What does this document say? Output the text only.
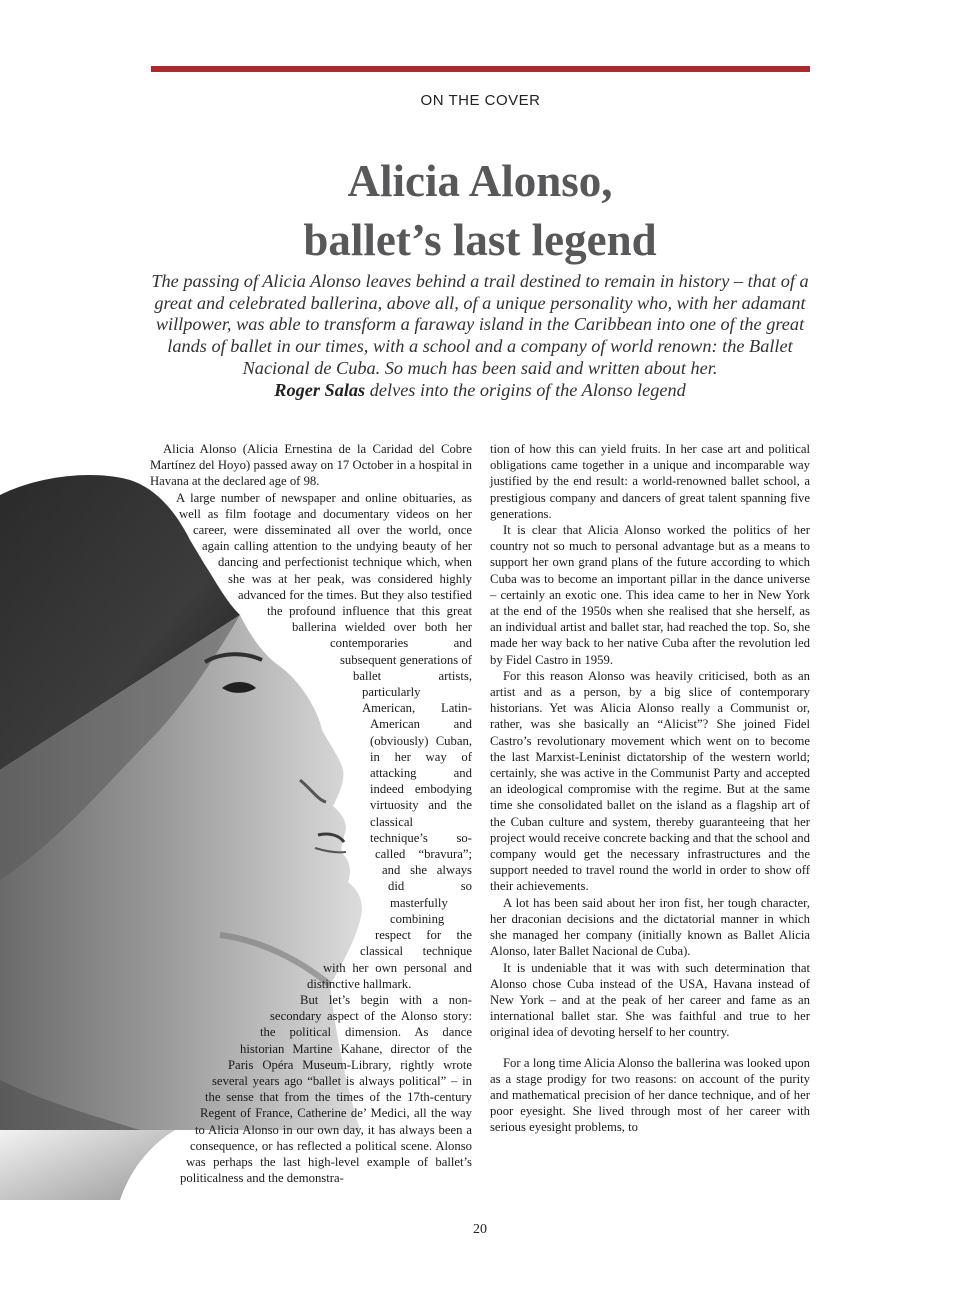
ON THE COVER
Alicia Alonso,
ballet’s last legend

The passing of Alicia Alonso leaves behind a trail destined to remain in history – that of a great and celebrated ballerina, above all, of a unique personality who, with her adamant willpower, was able to transform a faraway island in the Caribbean into one of the great lands of ballet in our times, with a school and a company of world renown: the Ballet Nacional de Cuba. So much has been said and written about her.
Roger Salas delves into the origins of the Alonso legend

Alicia Alonso (Alicia Ernestina de la Caridad del Cobre Martínez del Hoyo) passed away on 17 October in a hospital in Havana at the declared age of 98.

A large number of newspaper and online obituaries, as well as film footage and documentary videos on her career, were disseminated all over the world, once again calling attention to the undying beauty of her dancing and perfectionist technique which, when she was at her peak, was considered highly advanced for the times. But they also testified the profound influence that this great ballerina wielded over both her contemporaries and subsequent generations of ballet artists, particularly American, Latin-American and (obviously) Cuban, in her way of attacking and indeed embodying virtuosity and the classical technique’s so-called “bravura”; and she always did so masterfully combining respect for the classical technique with her own personal and distinctive hallmark.

But let’s begin with a non-secondary aspect of the Alonso story: the political dimension. As dance historian Martine Kahane, director of the Paris Opéra Museum-Library, rightly wrote several years ago “ballet is always political” – in the sense that from the times of the 17th-century Regent of France, Catherine de’ Medici, all the way to Alicia Alonso in our own day, it has always been a consequence, or has reflected a political scene. Alonso was perhaps the last high-level example of ballet’s politicalness and the demonstra-

tion of how this can yield fruits. In her case art and political obligations came together in a unique and incomparable way justified by the end result: a world-renowned ballet school, a prestigious company and dancers of great talent spanning five generations.

It is clear that Alicia Alonso worked the politics of her country not so much to personal advantage but as a means to support her own grand plans of the future according to which Cuba was to become an important pillar in the dance universe – certainly an exotic one. This idea came to her in New York at the end of the 1950s when she realised that she herself, as an individual artist and ballet star, had reached the top. So, she made her way back to her native Cuba after the revolution led by Fidel Castro in 1959.

For this reason Alonso was heavily criticised, both as an artist and as a person, by a big slice of contemporary historians. Yet was Alicia Alonso really a Communist or, rather, was she basically an “Alicist”? She joined Fidel Castro’s revolutionary movement which went on to become the last Marxist-Leninist dictatorship of the western world; certainly, she was active in the Communist Party and accepted an ideological compromise with the regime. But at the same time she consolidated ballet on the island as a flagship art of the Cuban culture and system, thereby guaranteeing that her project would receive concrete backing and that the school and company would get the necessary infrastructures and the support needed to travel round the world in order to show off their achievements.

A lot has been said about her iron fist, her tough character, her draconian decisions and the dictatorial manner in which she managed her company (initially known as Ballet Alicia Alonso, later Ballet Nacional de Cuba).

It is undeniable that it was with such determination that Alonso chose Cuba instead of the USA, Havana instead of New York – and at the peak of her career and fame as an international ballet star. She was faithful and true to her original idea of devoting herself to her country.

For a long time Alicia Alonso the ballerina was looked upon as a stage prodigy for two reasons: on account of the purity and mathematical precision of her dance technique, and of her poor eyesight. She lived through most of her career with serious eyesight problems, to

20
